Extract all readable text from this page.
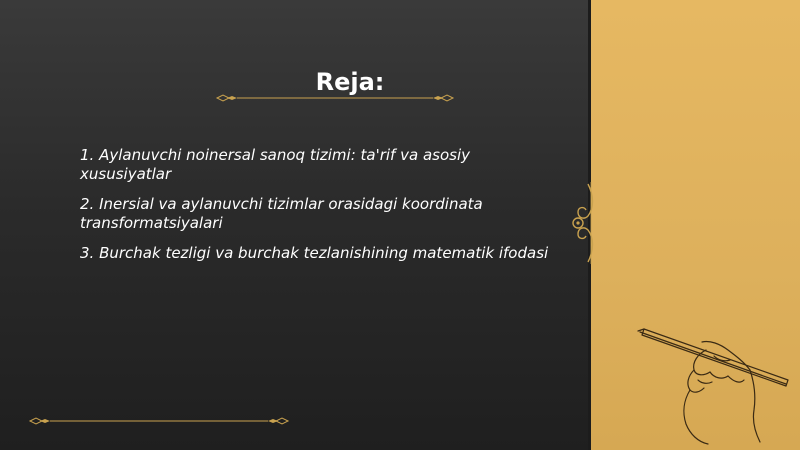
Reja:
1. Aylanuvchi noinersal sanoq tizimi: ta'rif va asosiy xususiyatlar
2. Inersial va aylanuvchi tizimlar orasidagi koordinata transformatsiyalari
3. Burchak tezligi va burchak tezlanishining matematik ifodasi
